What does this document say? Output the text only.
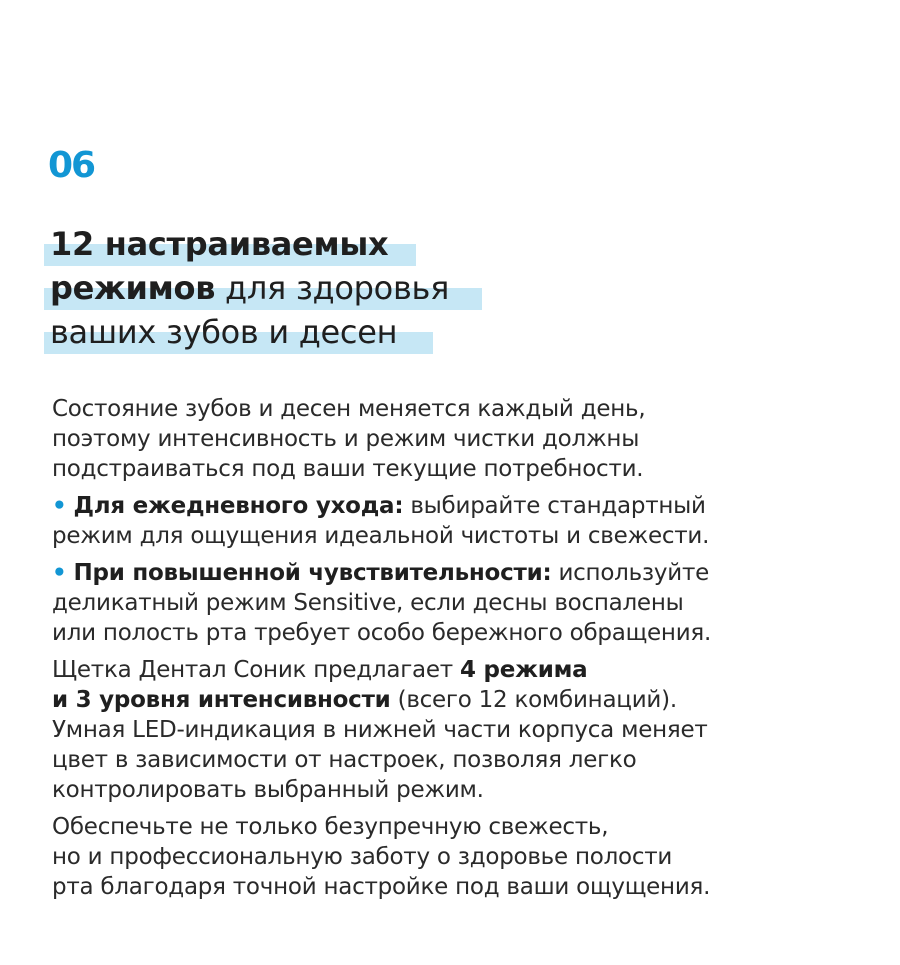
06
12 настраиваемых
режимов для здоровья
ваших зубов и десен

Состояние зубов и десен меняется каждый день,
поэтому интенсивность и режим чистки должны
подстраиваться под ваши текущие потребности.

• Для ежедневного ухода: выбирайте стандартный
режим для ощущения идеальной чистоты и свежести.

• При повышенной чувствительности: используйте
деликатный режим Sensitive, если десны воспалены
или полость рта требует особо бережного обращения.

Щетка Дентал Соник предлагает 4 режима
и 3 уровня интенсивности (всего 12 комбинаций).
Умная LED-индикация в нижней части корпуса меняет
цвет в зависимости от настроек, позволяя легко
контролировать выбранный режим.

Обеспечьте не только безупречную свежесть,
но и профессиональную заботу о здоровье полости
рта благодаря точной настройке под ваши ощущения.
